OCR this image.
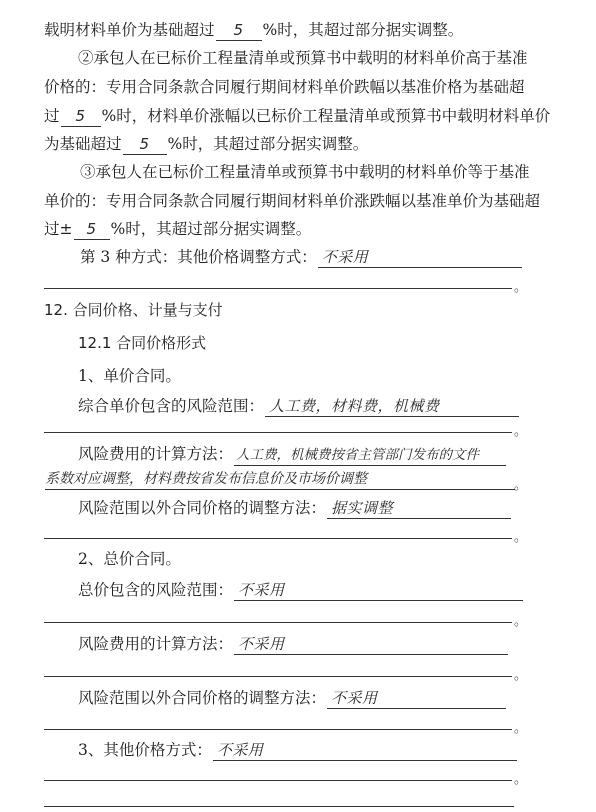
载明材料单价为基础超过 5 %时，其超过部分据实调整。
②承包人在已标价工程量清单或预算书中载明的材料单价高于基准
价格的：专用合同条款合同履行期间材料单价跌幅以基准价格为基础超
过 5 %时，材料单价涨幅以已标价工程量清单或预算书中载明材料单价
为基础超过 5 %时，其超过部分据实调整。
③承包人在已标价工程量清单或预算书中载明的材料单价等于基准
单价的：专用合同条款合同履行期间材料单价涨跌幅以基准单价为基础超
过± 5 %时，其超过部分据实调整。
第 3 种方式：其他价格调整方式： 不采用
。
12. 合同价格、计量与支付
12.1 合同价格形式
1、单价合同。
综合单价包含的风险范围： 人工费，材料费，机械费
。
风险费用的计算方法： 人工费，机械费按省主管部门发布的文件
系数对应调整，材料费按省发布信息价及市场价调整	。
风险范围以外合同价格的调整方法： 据实调整
。
2、总价合同。
总价包含的风险范围： 不采用
。
风险费用的计算方法： 不采用
。
风险范围以外合同价格的调整方法： 不采用
。
3、其他价格方式： 不采用
。
